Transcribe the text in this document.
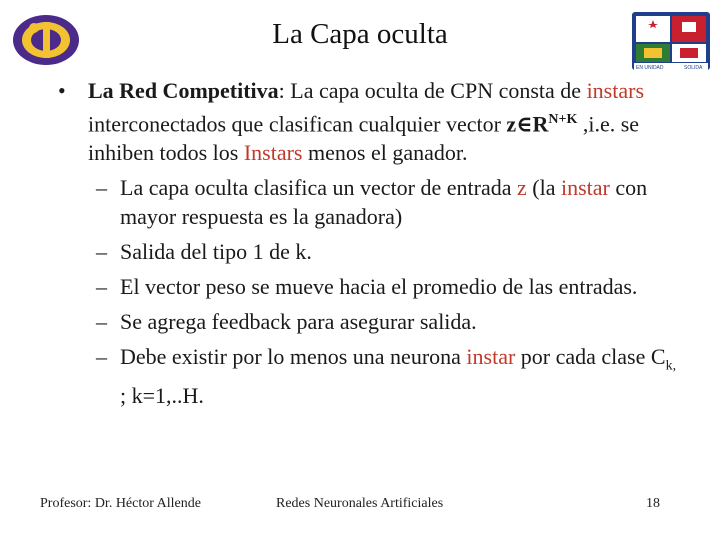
EN UNIDAD	SOLIDA
La Capa oculta
• La Red Competitiva: La capa oculta de CPN consta de instars interconectados que clasifican cualquier vector $z\in R^{N+K}$ ,i.e. se inhiben todos los Instars menos el ganador.
– La capa oculta clasifica un vector de entrada z (la instar con mayor respuesta es la ganadora)
– Salida del tipo 1 de k.
– El vector peso se mueve hacia el promedio de las entradas.
– Se agrega feedback para asegurar salida.
– Debe existir por lo menos una neurona instar por cada clase $C_{k,}$ ; k=1,..H.
Profesor: Dr. Héctor Allende	Redes Neuronales Artificiales	18
